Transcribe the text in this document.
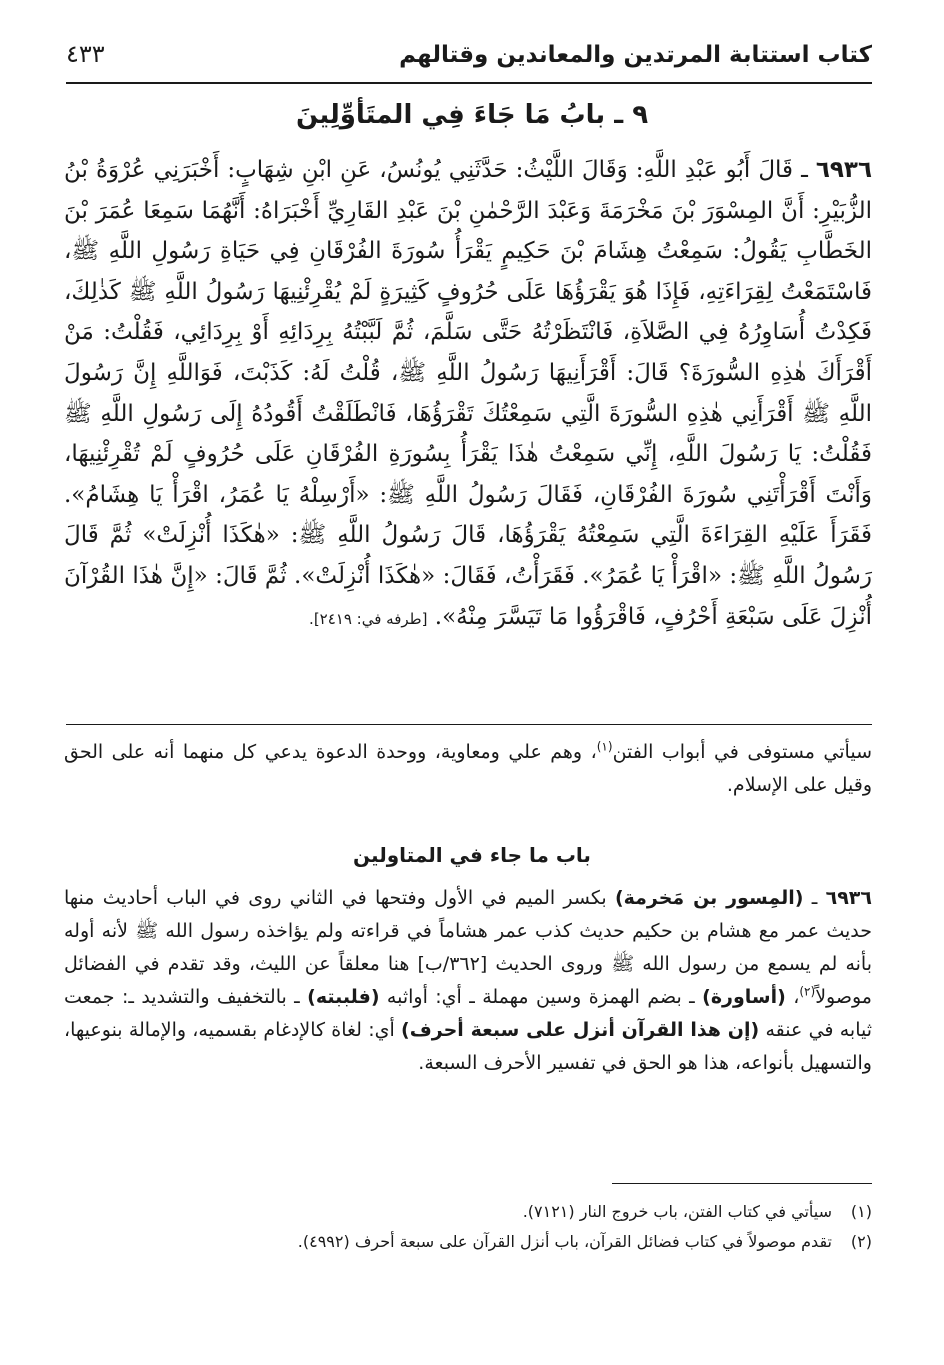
كتاب استتابة المرتدين والمعاندين وقتالهم
٤٣٣
٩ ـ بابُ مَا جَاءَ فِي المتَأوِّلِينَ

٦٩٣٦ ـ قَالَ أَبُو عَبْدِ اللَّهِ: وَقَالَ اللَّيْثُ: حَدَّثَنِي يُونُسُ، عَنِ ابْنِ شِهَابٍ: أَخْبَرَنِي عُرْوَةُ بْنُ الزُّبَيْرِ: أَنَّ المِسْوَرَ بْنَ مَخْرَمَةَ وَعَبْدَ الرَّحْمٰنِ بْنَ عَبْدِ القَارِيِّ أَخْبَرَاهُ: أَنَّهُمَا سَمِعَا عُمَرَ بْنَ الخَطَّابِ يَقُولُ: سَمِعْتُ هِشَامَ بْنَ حَكِيمٍ يَقْرَأُ سُورَةَ الفُرْقَانِ فِي حَيَاةِ رَسُولِ اللَّهِ ﷺ، فَاسْتَمَعْتُ لِقِرَاءَتِهِ، فَإِذَا هُوَ يَقْرَؤُهَا عَلَى حُرُوفٍ كَثِيرَةٍ لَمْ يُقْرِئْنِيهَا رَسُولُ اللَّهِ ﷺ كَذٰلِكَ، فَكِدْتُ أُسَاوِرُهُ فِي الصَّلاَةِ، فَانْتَظَرْتُهُ حَتَّى سَلَّمَ، ثُمَّ لَبَّبْتُهُ بِرِدَائِهِ أَوْ بِرِدَائِي، فَقُلْتُ: مَنْ أَقْرَأَكَ هٰذِهِ السُّورَةَ؟ قَالَ: أَقْرَأَنِيهَا رَسُولُ اللَّهِ ﷺ، قُلْتُ لَهُ: كَذَبْتَ، فَوَاللَّهِ إِنَّ رَسُولَ اللَّهِ ﷺ أَقْرَأَنِي هٰذِهِ السُّورَةَ الَّتِي سَمِعْتُكَ تَقْرَؤُهَا، فَانْطَلَقْتُ أَقُودُهُ إِلَى رَسُولِ اللَّهِ ﷺ فَقُلْتُ: يَا رَسُولَ اللَّهِ، إِنِّي سَمِعْتُ هٰذَا يَقْرَأُ بِسُورَةِ الفُرْقَانِ عَلَى حُرُوفٍ لَمْ تُقْرِئْنِيهَا، وَأَنْتَ أَقْرَأْتَنِي سُورَةَ الفُرْقَانِ، فَقَالَ رَسُولُ اللَّهِ ﷺ: «أَرْسِلْهُ يَا عُمَرُ، اقْرَأْ يَا هِشَامُ». فَقَرَأَ عَلَيْهِ القِرَاءَةَ الَّتِي سَمِعْتُهُ يَقْرَؤُهَا، قَالَ رَسُولُ اللَّهِ ﷺ: «هٰكَذَا أُنْزِلَتْ» ثُمَّ قَالَ رَسُولُ اللَّهِ ﷺ: «اقْرَأْ يَا عُمَرُ». فَقَرَأْتُ، فَقَالَ: «هٰكَذَا أُنْزِلَتْ». ثُمَّ قَالَ: «إِنَّ هٰذَا القُرْآنَ أُنْزِلَ عَلَى سَبْعَةِ أَحْرُفٍ، فَاقْرَؤُوا مَا تَيَسَّرَ مِنْهُ». [طرفه في: ٢٤١٩].

سيأتي مستوفى في أبواب الفتن$^{(١)}$، وهم علي ومعاوية، ووحدة الدعوة يدعي كل منهما أنه على الحق وقيل على الإسلام.

باب ما جاء في المتاولين

٦٩٣٦ ـ (المِسور بن مَخرمة) بكسر الميم في الأول وفتحها في الثاني روى في الباب أحاديث منها حديث عمر مع هشام بن حكيم حديث كذب عمر هشاماً في قراءته ولم يؤاخذه رسول الله ﷺ لأنه أوله بأنه لم يسمع من رسول الله ﷺ وروى الحديث [٣٦٢/ب] هنا معلقاً عن الليث، وقد تقدم في الفضائل موصولاً$^{(٢)}$، (أساورة) ـ بضم الهمزة وسين مهملة ـ أي: أواثبه (فلببته) ـ بالتخفيف والتشديد ـ: جمعت ثيابه في عنقه (إن هذا القرآن أنزل على سبعة أحرف) أي: لغاة كالإدغام بقسميه، والإمالة بنوعيها، والتسهيل بأنواعه، هذا هو الحق في تفسير الأحرف السبعة.

(١)سيأتي في كتاب الفتن، باب خروج النار (٧١٢١).

(٢)تقدم موصولاً في كتاب فضائل القرآن، باب أنزل القرآن على سبعة أحرف (٤٩٩٢).
